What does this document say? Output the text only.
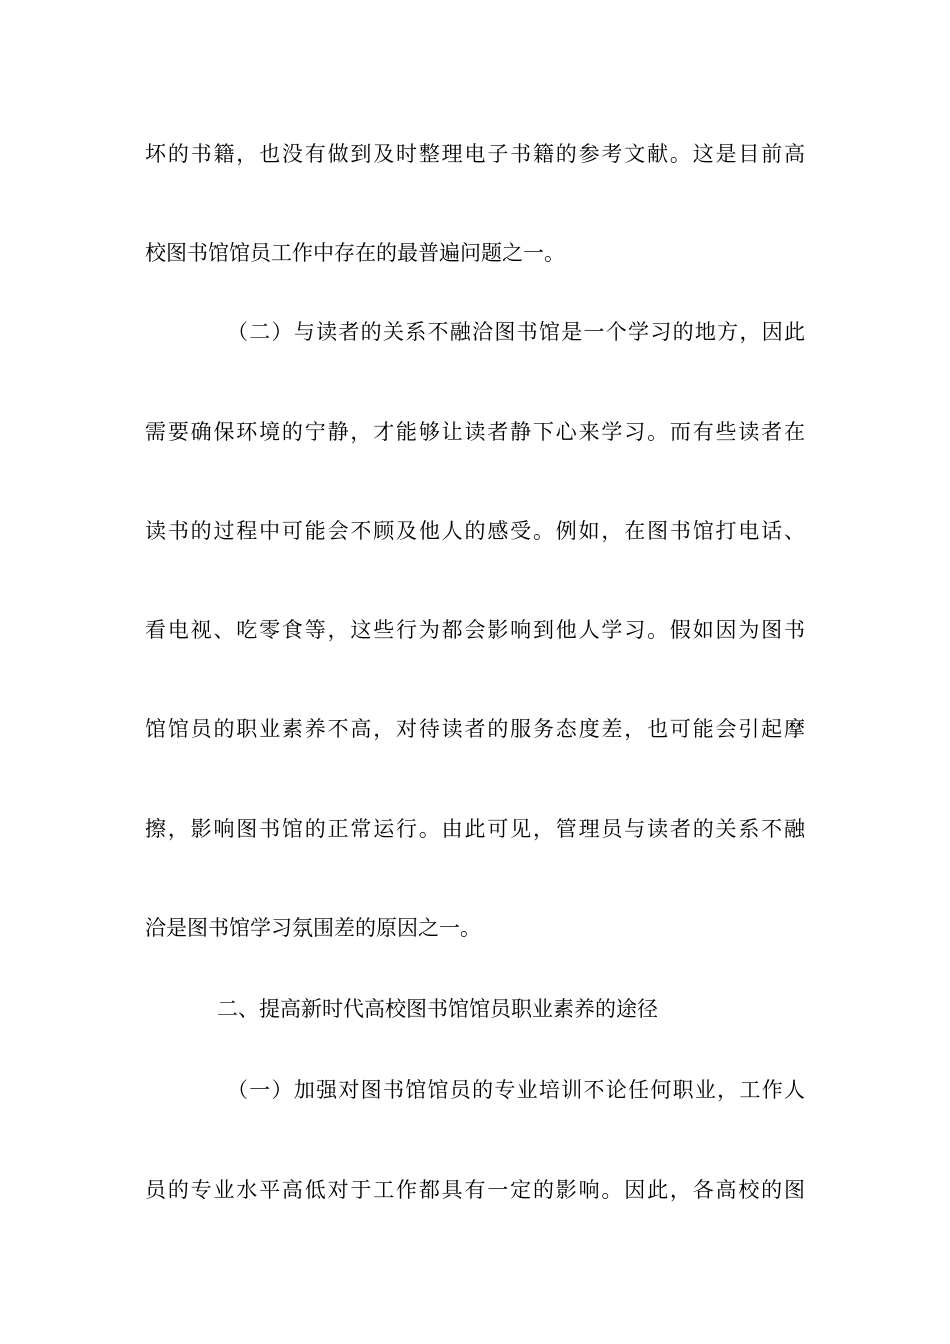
坏的书籍，也没有做到及时整理电子书籍的参考文献。这是目前高
校图书馆馆员工作中存在的最普遍问题之一。
（二）与读者的关系不融洽图书馆是一个学习的地方，因此
需要确保环境的宁静，才能够让读者静下心来学习。而有些读者在
读书的过程中可能会不顾及他人的感受。例如，在图书馆打电话、
看电视、吃零食等，这些行为都会影响到他人学习。假如因为图书
馆馆员的职业素养不高，对待读者的服务态度差，也可能会引起摩
擦，影响图书馆的正常运行。由此可见，管理员与读者的关系不融
洽是图书馆学习氛围差的原因之一。
二、提高新时代高校图书馆馆员职业素养的途径
（一）加强对图书馆馆员的专业培训不论任何职业，工作人
员的专业水平高低对于工作都具有一定的影响。因此，各高校的图
